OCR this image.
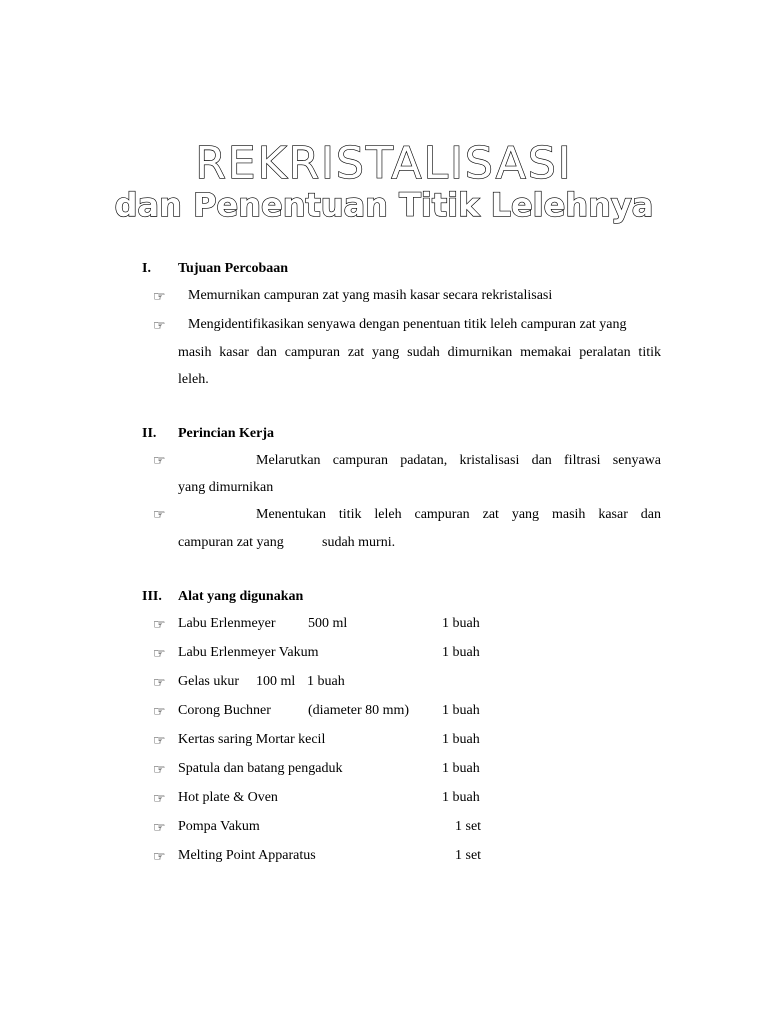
REKRISTALISASI
dan Penentuan Titik Lelehnya
I. Tujuan Percobaan
☞ Memurnikan campuran zat yang masih kasar secara rekristalisasi
☞ Mengidentifikasikan senyawa dengan penentuan titik leleh campuran zat yang
masih kasar dan campuran zat yang sudah dimurnikan memakai peralatan titik
leleh.
II. Perincian Kerja
☞	Melarutkan campuran padatan, kristalisasi dan filtrasi senyawa
yang dimurnikan
☞	Menentukan titik leleh campuran zat yang masih kasar dan
campuran zat yang	sudah murni.
III. Alat yang digunakan
☞ Labu Erlenmeyer 500 ml	1 buah
☞ Labu Erlenmeyer Vakum	1 buah
☞ Gelas ukur 100 ml 1 buah
☞ Corong Buchner	(diameter 80 mm) 1 buah
☞ Kertas saring Mortar kecil	1 buah
☞ Spatula dan batang pengaduk	1 buah
☞ Hot plate & Oven	1 buah
☞ Pompa Vakum	1 set
☞ Melting Point Apparatus	1 set
